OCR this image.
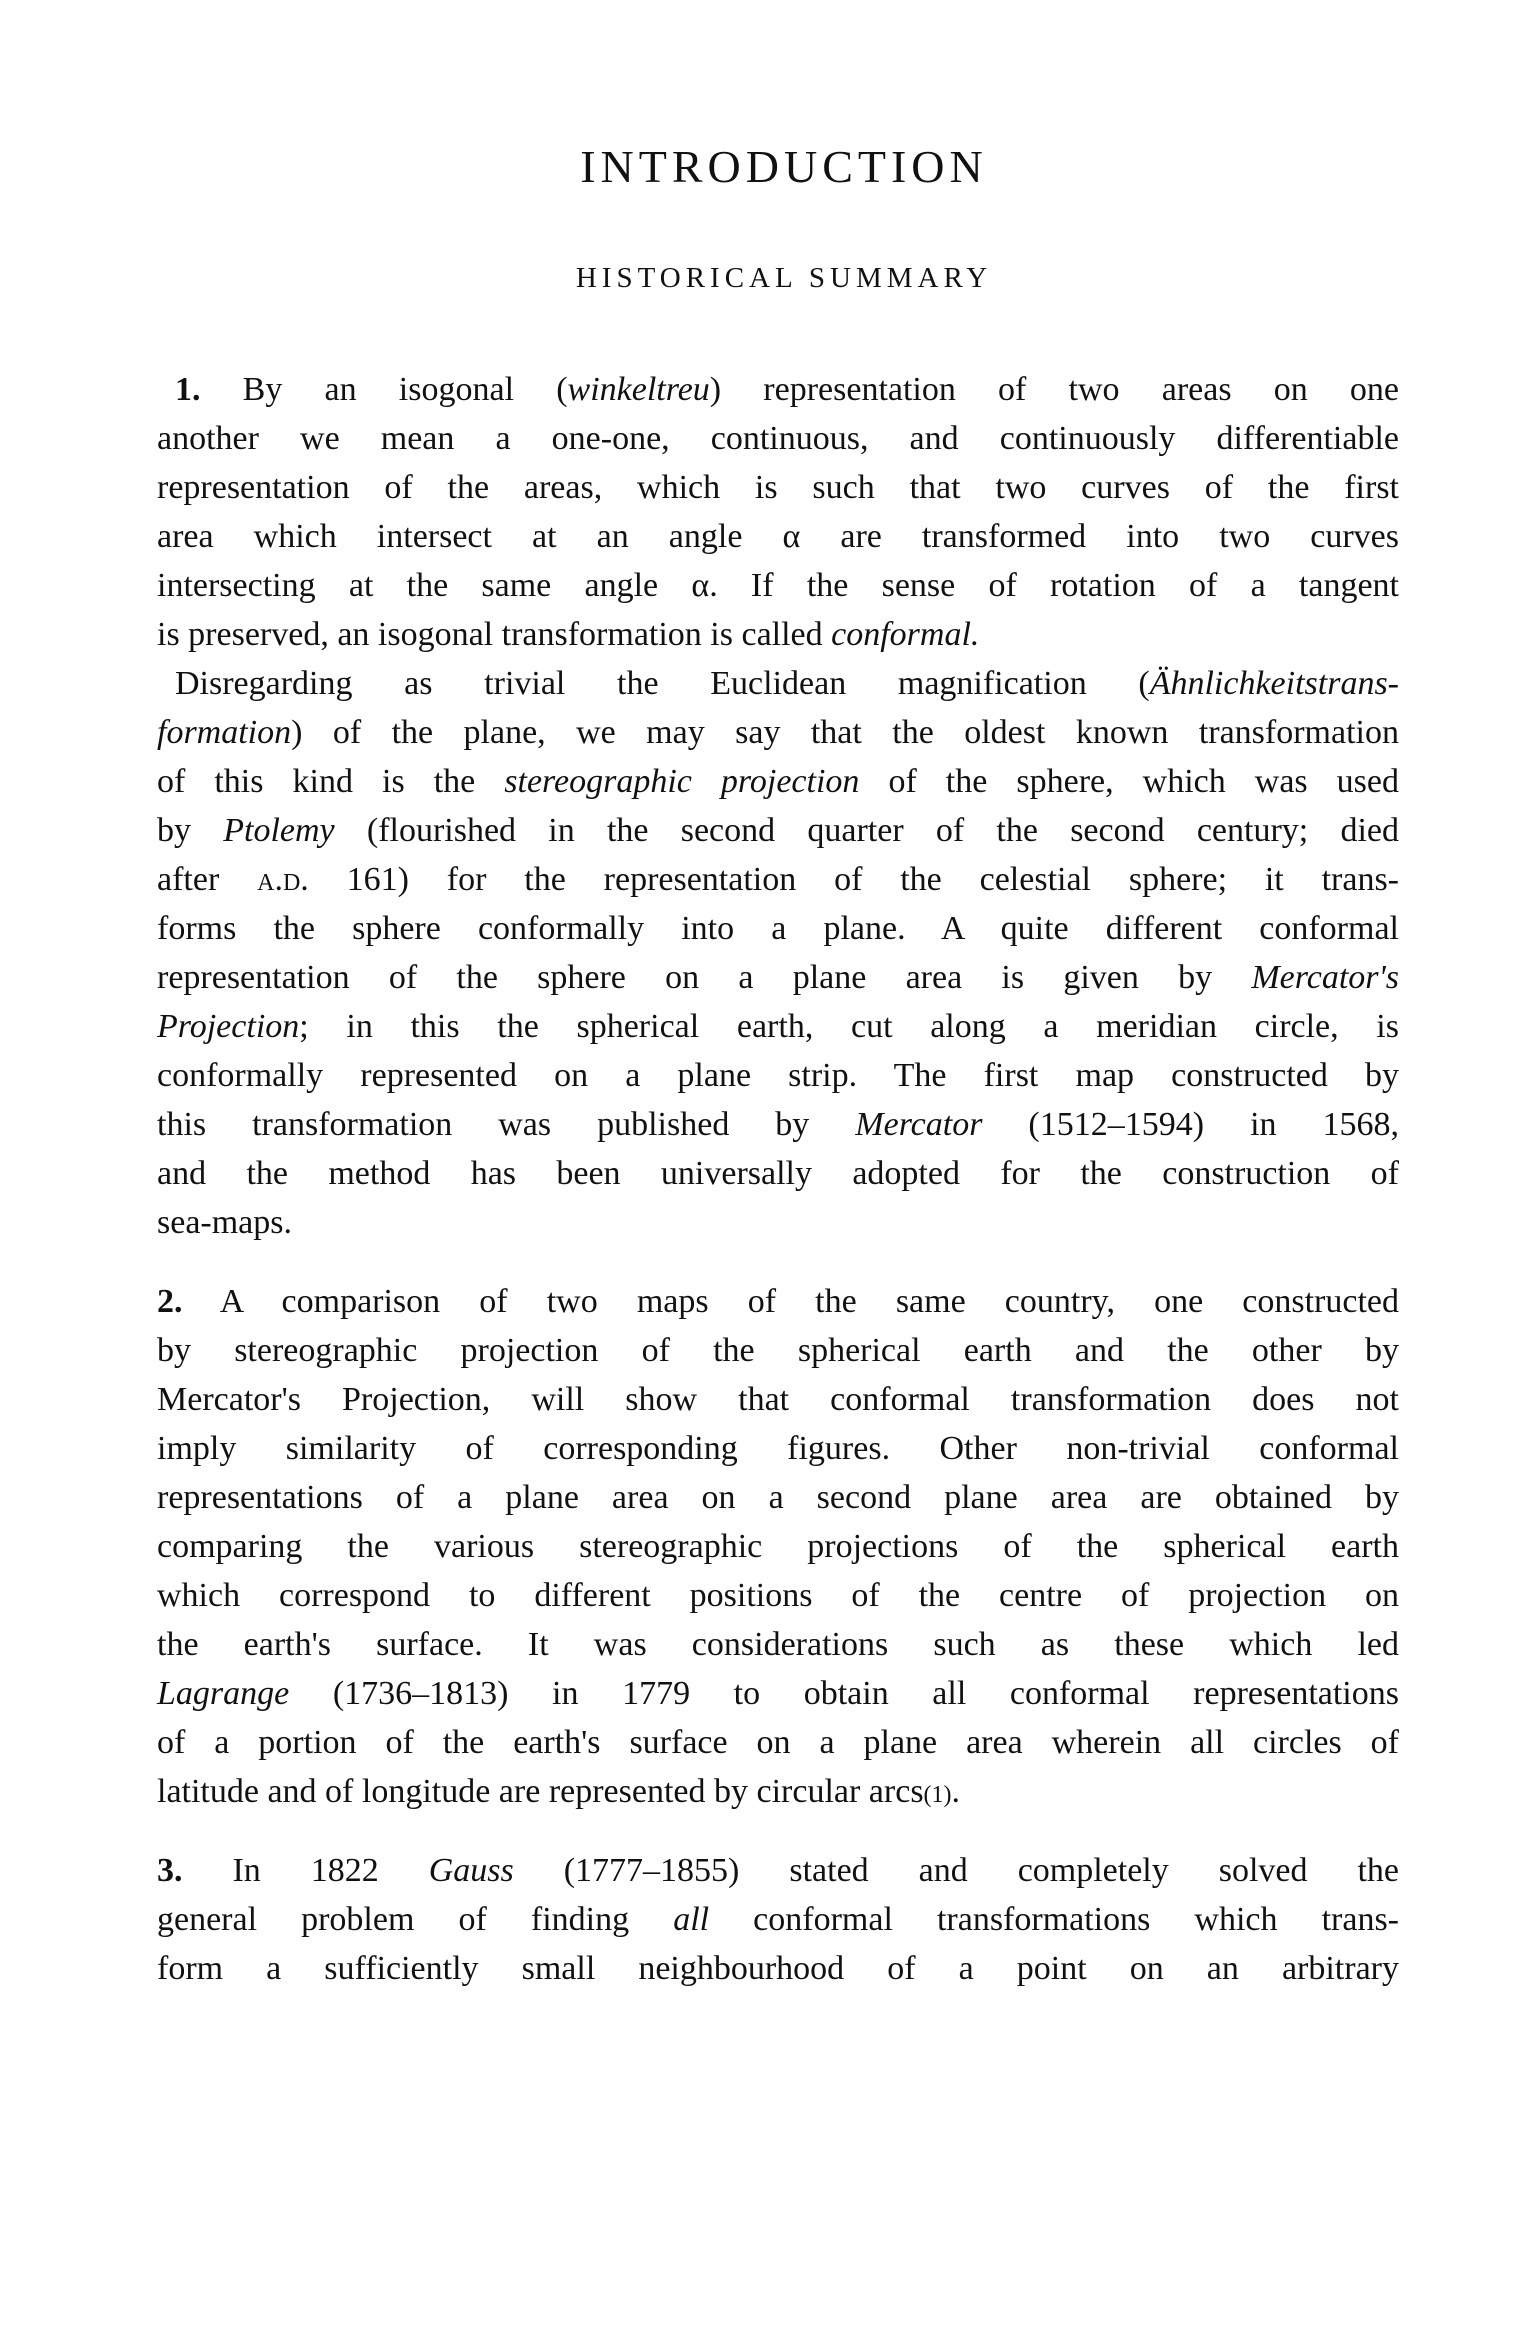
INTRODUCTION
HISTORICAL SUMMARY
1. By an isogonal (winkeltreu) representation of two areas on one
another we mean a one-one, continuous, and continuously differentiable
representation of the areas, which is such that two curves of the first
area which intersect at an angle α are transformed into two curves
intersecting at the same angle α. If the sense of rotation of a tangent
is preserved, an isogonal transformation is called conformal.
Disregarding as trivial the Euclidean magnification (Ähnlichkeitstrans-
formation) of the plane, we may say that the oldest known transformation
of this kind is the stereographic projection of the sphere, which was used
by Ptolemy (flourished in the second quarter of the second century; died
after a.d. 161) for the representation of the celestial sphere; it trans-
forms the sphere conformally into a plane. A quite different conformal
representation of the sphere on a plane area is given by Mercator's
Projection; in this the spherical earth, cut along a meridian circle, is
conformally represented on a plane strip. The first map constructed by
this transformation was published by Mercator (1512–1594) in 1568,
and the method has been universally adopted for the construction of
sea-maps.
2. A comparison of two maps of the same country, one constructed
by stereographic projection of the spherical earth and the other by
Mercator's Projection, will show that conformal transformation does not
imply similarity of corresponding figures. Other non-trivial conformal
representations of a plane area on a second plane area are obtained by
comparing the various stereographic projections of the spherical earth
which correspond to different positions of the centre of projection on
the earth's surface. It was considerations such as these which led
Lagrange (1736–1813) in 1779 to obtain all conformal representations
of a portion of the earth's surface on a plane area wherein all circles of
latitude and of longitude are represented by circular arcs(1).
3. In 1822 Gauss (1777–1855) stated and completely solved the
general problem of finding all conformal transformations which trans-
form a sufficiently small neighbourhood of a point on an arbitrary
